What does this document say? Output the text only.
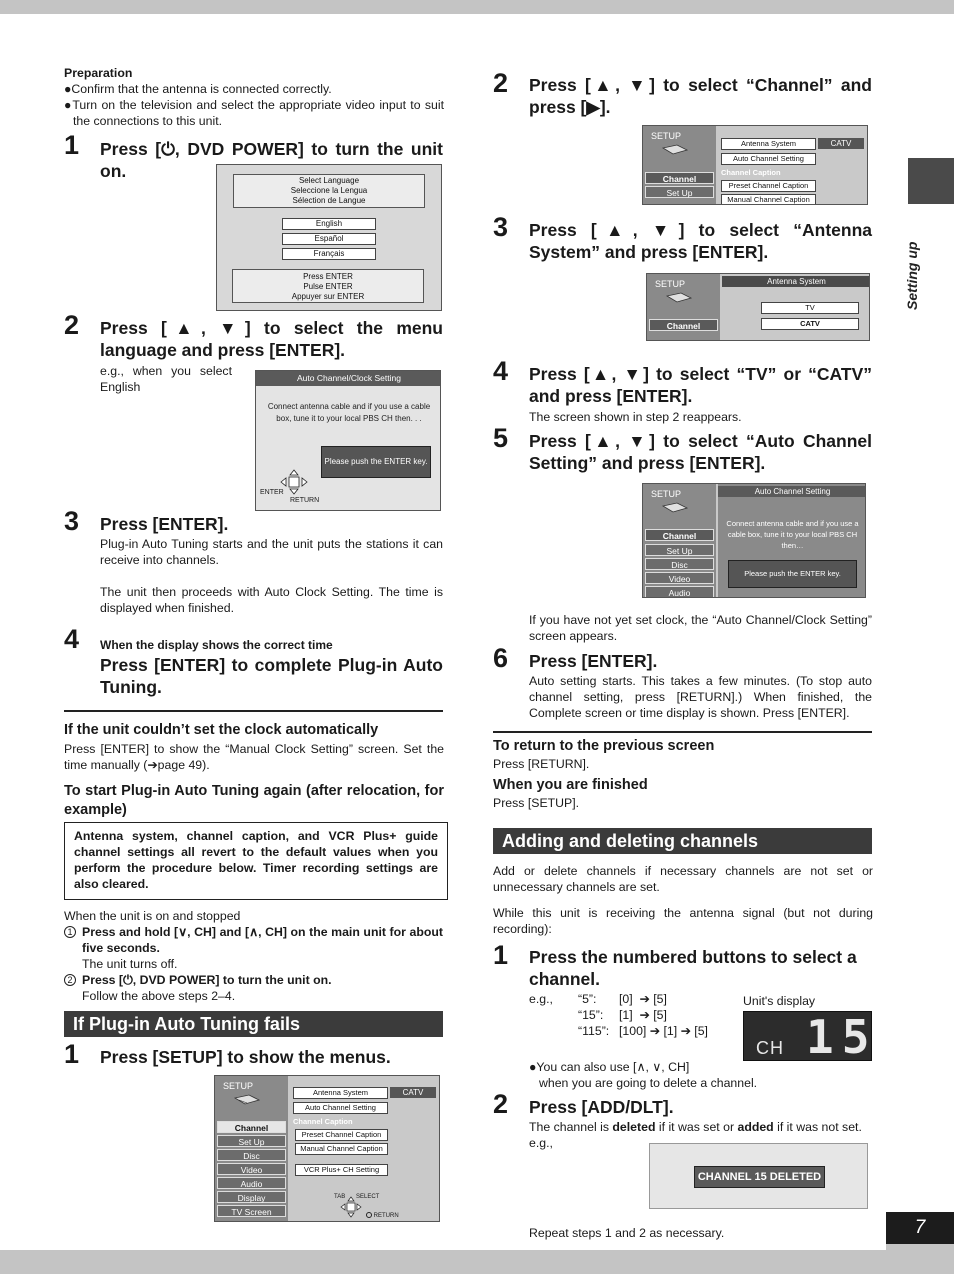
Setting up
7
Preparation
●Confirm that the antenna is connected correctly.
●Turn on the television and select the appropriate video input to suit the connections to this unit.
1 Press [⏻, DVD POWER] to turn the unit on.	Select Language
Seleccione la Lengua
Sélection de Langue
English
Español
Français
Press ENTER
Pulse ENTER
Appuyer sur ENTER
2 Press [▲, ▼] to select the menu language and press [ENTER].
e.g., when you select English
Auto Channel/Clock Setting
Connect antenna cable and if you use a cable box, tune it to your local PBS CH then. . .
Please push the ENTER key.
ENTER
RETURN
3 Press [ENTER].
Plug-in Auto Tuning starts and the unit puts the stations it can receive into channels.
The unit then proceeds with Auto Clock Setting. The time is displayed when finished.
4 When the display shows the correct time
Press [ENTER] to complete Plug-in Auto Tuning.
If the unit couldn’t set the clock automatically
Press [ENTER] to show the “Manual Clock Setting” screen. Set the time manually (➔page 49).
To start Plug-in Auto Tuning again (after relocation, for example)
Antenna system, channel caption, and VCR Plus+ guide channel settings all revert to the default values when you perform the procedure below. Timer recording settings are also cleared.
When the unit is on and stopped
1 Press and hold [∨, CH] and [∧, CH] on the main unit for about five seconds.
The unit turns off.
2 Press [⏻, DVD POWER] to turn the unit on.
Follow the above steps 2–4.
If Plug-in Auto Tuning fails
1 Press [SETUP] to show the menus.
SETUP
Channel
Set Up
Disc
Video
Audio
Display
TV Screen
Antenna System	CATV
Auto Channel Setting
Channel Caption
Preset Channel Caption
Manual Channel Caption
VCR Plus+ CH Setting
TAB SELECT
RETURN
2 Press [▲, ▼] to select “Channel” and press [▶].
SETUP
Channel
Set Up
Antenna System	CATV
Auto Channel Setting
Channel Caption
Preset Channel Caption
Manual Channel Caption
3 Press [▲, ▼] to select “Antenna System” and press [ENTER].
SETUP
Channel
Antenna System
TV
CATV
4 Press [▲, ▼] to select “TV” or “CATV” and press [ENTER].
The screen shown in step 2 reappears.
5 Press [▲, ▼] to select “Auto Channel Setting” and press [ENTER].
SETUP
Channel
Set Up
Disc
Video
Audio
Auto Channel Setting
Connect antenna cable and if you use a cable box, tune it to your local PBS CH then…
Please push the ENTER key.
If you have not yet set clock, the “Auto Channel/Clock Setting” screen appears.
6 Press [ENTER].
Auto setting starts. This takes a few minutes. (To stop auto channel setting, press [RETURN].) When finished, the Complete screen or time display is shown. Press [ENTER].
To return to the previous screen
Press [RETURN].
When you are finished
Press [SETUP].
Adding and deleting channels
Add or delete channels if necessary channels are not set or unnecessary channels are set.
While this unit is receiving the antenna signal (but not during recording):
1 Press the numbered buttons to select a channel.
e.g., “5”: [0]  ➔ [5]
“15”: [1]  ➔ [5]
“115”: [100] ➔ [1] ➔ [5]
Unit's display
CH 15
●You can also use [∧, ∨, CH]
when you are going to delete a channel.
2 Press [ADD/DLT].
The channel is deleted if it was set or added if it was not set.
e.g.,
CHANNEL 15 DELETED
Repeat steps 1 and 2 as necessary.
